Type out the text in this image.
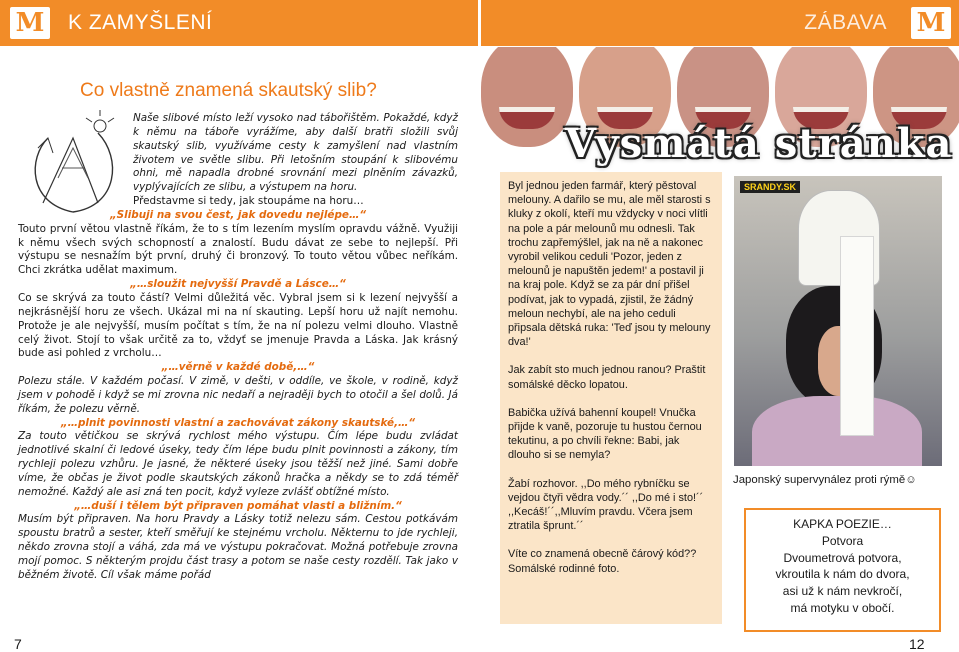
M K ZAMYŠLENÍ	ZÁBAVA M
Co vlastně znamená skautský slib?

Naše slibové místo leží vysoko nad tábořištěm. Pokaždé, když k němu na táboře vyrážíme, aby další bratři složili svůj skautský slib, využíváme cesty k zamyšlení nad vlastním životem ve světle slibu. Při letošním stoupání k slibovému ohni, mě napadla drobné srovnání mezi plněním závazků, vyplývajících ze slibu, a výstupem na horu.

Představme si tedy, jak stoupáme na horu…

„Slibuji na svou čest, jak dovedu nejlépe…“

Touto první větou vlastně říkám, že to s tím lezením myslím opravdu vážně. Využiji k němu všech svých schopností a znalostí. Budu dávat ze sebe to nejlepší. Při výstupu se nesnažím být první, druhý či bronzový. To touto větou vůbec neříkám. Chci zkrátka udělat maximum.

„…sloužit nejvyšší Pravdě a Lásce…“

Co se skrývá za touto částí? Velmi důležitá věc. Vybral jsem si k lezení nejvyšší a nejkrásnější horu ze všech. Ukázal mi na ní skauting. Lepší horu už najít nemohu. Protože je ale nejvyšší, musím počítat s tím, že na ní polezu velmi dlouho. Vlastně celý život. Stojí to však určitě za to, vždyť se jmenuje Pravda a Láska. Jak krásný bude asi pohled z vrcholu…

„…věrně v každé době,…“

Polezu stále. V každém počasí. V zimě, v dešti, v oddíle, ve škole, v rodině, když jsem v pohodě i když se mi zrovna nic nedaří a nejraději bych to otočil a šel dolů. Já říkám, že polezu věrně.

„…plnit povinnosti vlastní a zachovávat zákony skautské,…“

Za touto větičkou se skrývá rychlost mého výstupu. Čím lépe budu zvládat jednotlivé skalní či ledové úseky, tedy čím lépe budu plnit povinnosti a zákony, tím rychleji polezu vzhůru. Je jasné, že některé úseky jsou těžší než jiné. Sami dobře víme, že občas je život podle skautských zákonů hračka a někdy se to zdá téměř nemožné. Každý ale asi zná ten pocit, když vyleze zvlášť obtížné místo.

„…duší i tělem být připraven pomáhat vlasti a bližním.“

Musím být připraven. Na horu Pravdy a Lásky totiž nelezu sám. Cestou potkávám spoustu bratrů a sester, kteří směřují ke stejnému vrcholu. Někternu to jde rychleji, někdo zrovna stojí a váhá, zda má ve výstupu pokračovat. Možná potřebuje zrovna mojí pomoc. S některým projdu část trasy a potom se naše cesty rozdělí. Tak jako v běžném životě. Cíl však máme pořád

7
Vysmátá stránka

Byl jednou jeden farmář, který pěstoval melouny. A dařilo se mu, ale měl starosti s kluky z okolí, kteří mu vždycky v noci vlítli na pole a pár melounů mu odnesli. Tak trochu zapřemýšlel, jak na ně a nakonec vyrobil velikou ceduli 'Pozor, jeden z melounů je napuštěn jedem!' a postavil ji na kraj pole. Když se za pár dní přišel podívat, jak to vypadá, zjistil, že žádný meloun nechybí, ale na jeho ceduli připsala dětská ruka: 'Teď jsou ty melouny dva!'

Jak zabít sto much jednou ranou? Praštit somálské děcko lopatou.

Babička užívá bahenní koupel! Vnučka přijde k vaně, pozoruje tu hustou černou tekutinu, a po chvíli řekne: Babi, jak dlouho si se nemyla?

Žabí rozhovor. ,,Do mého rybníčku se vejdou čtyři vědra vody.´´ ,,Do mé i sto!´´ ,,Kecáš!´´,,Mluvím pravdu. Včera jsem ztratila šprunt.´´

Víte co znamená obecně čárový kód?? Somálské rodinné foto.

SRANDY.SK
Japonský supervynález proti rýmě☺
KAPKA POEZIE…
Potvora
Dvoumetrová potvora,
vkroutila k nám do dvora,
asi už k nám nevkročí,
má motyku v obočí.
12
